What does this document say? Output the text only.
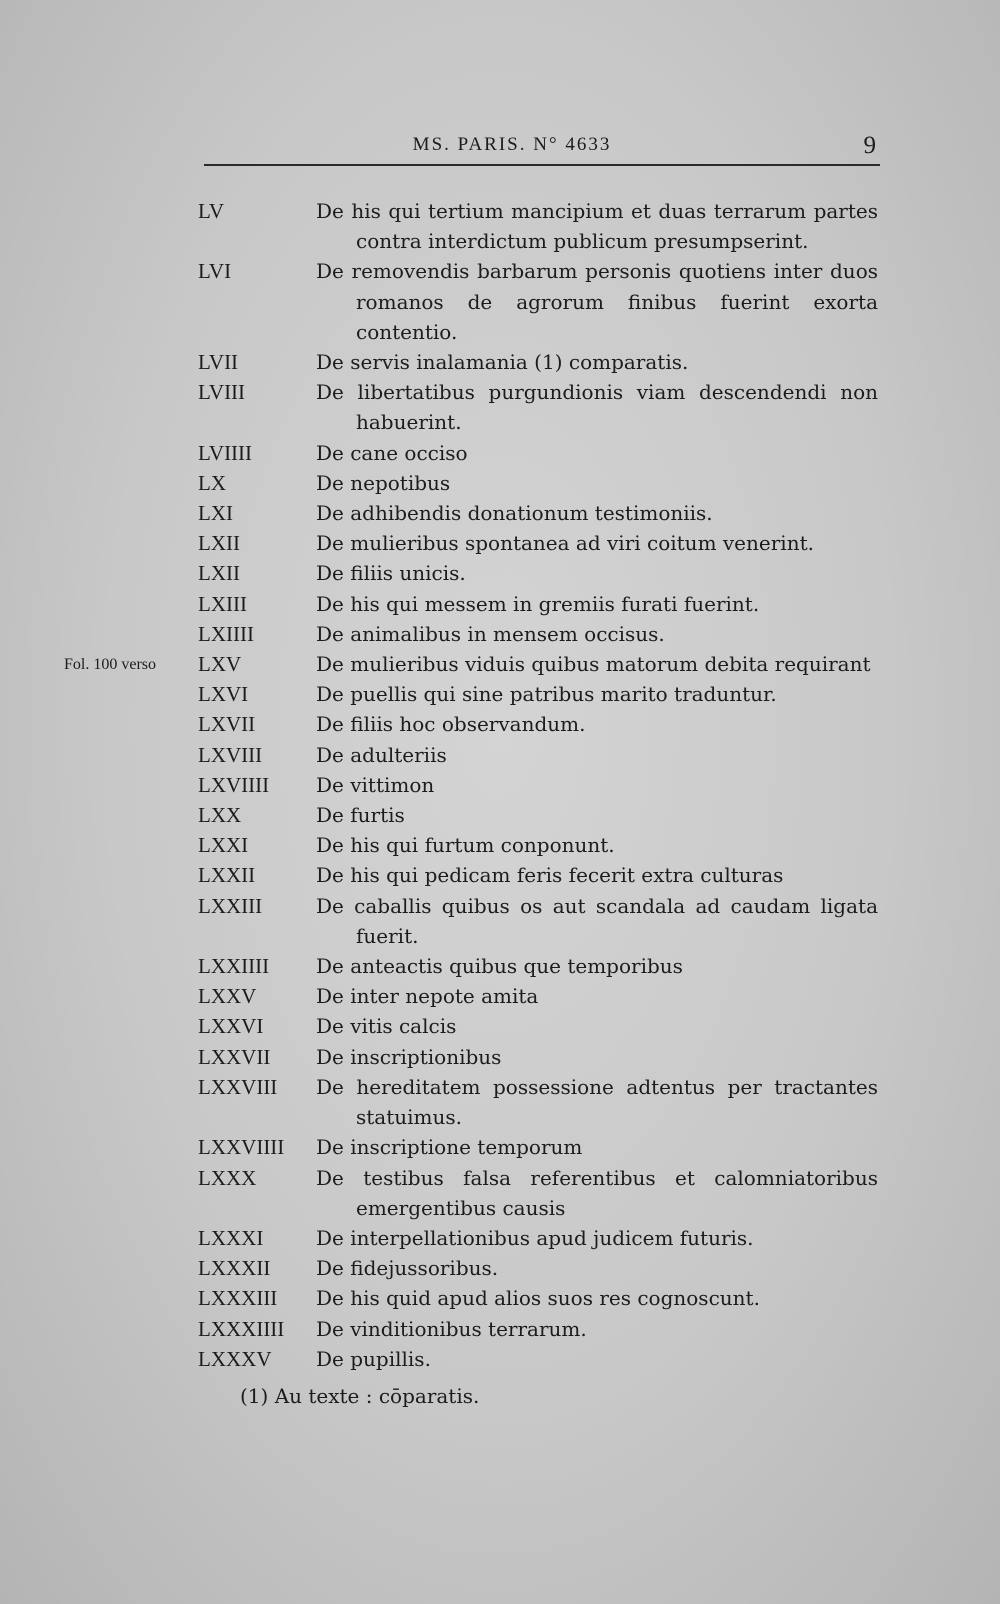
MS. PARIS. N° 4633	9
LV	De his qui tertium mancipium et duas terrarum partes contra interdictum publicum presumpserint.
LVI	De removendis barbarum personis quotiens inter duos romanos de agrorum finibus fuerint exorta contentio.
LVII	De servis inalamania (1) comparatis.
LVIII	De libertatibus purgundionis viam descendendi non habuerint.
LVIIII	De cane occiso
LX	De nepotibus
LXI	De adhibendis donationum testimoniis.
LXII	De mulieribus spontanea ad viri coitum venerint.
LXII	De filiis unicis.
LXIII	De his qui messem in gremiis furati fuerint.
LXIIII	De animalibus in mensem occisus.
LXV	De mulieribus viduis quibus matorum debita requirant
Fol. 100 verso
LXVI	De puellis qui sine patribus marito traduntur.
LXVII	De filiis hoc observandum.
LXVIII	De adulteriis
LXVIIII	De vittimon
LXX	De furtis
LXXI	De his qui furtum conponunt.
LXXII	De his qui pedicam feris fecerit extra culturas
LXXIII	De caballis quibus os aut scandala ad caudam ligata fuerit.
LXXIIII	De anteactis quibus que temporibus
LXXV	De inter nepote amita
LXXVI	De vitis calcis
LXXVII	De inscriptionibus
LXXVIII	De hereditatem possessione adtentus per tractantes statuimus.
LXXVIIII	De inscriptione temporum
LXXX	De testibus falsa referentibus et calomniatoribus emergentibus causis
LXXXI	De interpellationibus apud judicem futuris.
LXXXII	De fidejussoribus.
LXXXIII	De his quid apud alios suos res cognoscunt.
LXXXIIII	De vinditionibus terrarum.
LXXXV	De pupillis.
(1) Au texte : cōparatis.
